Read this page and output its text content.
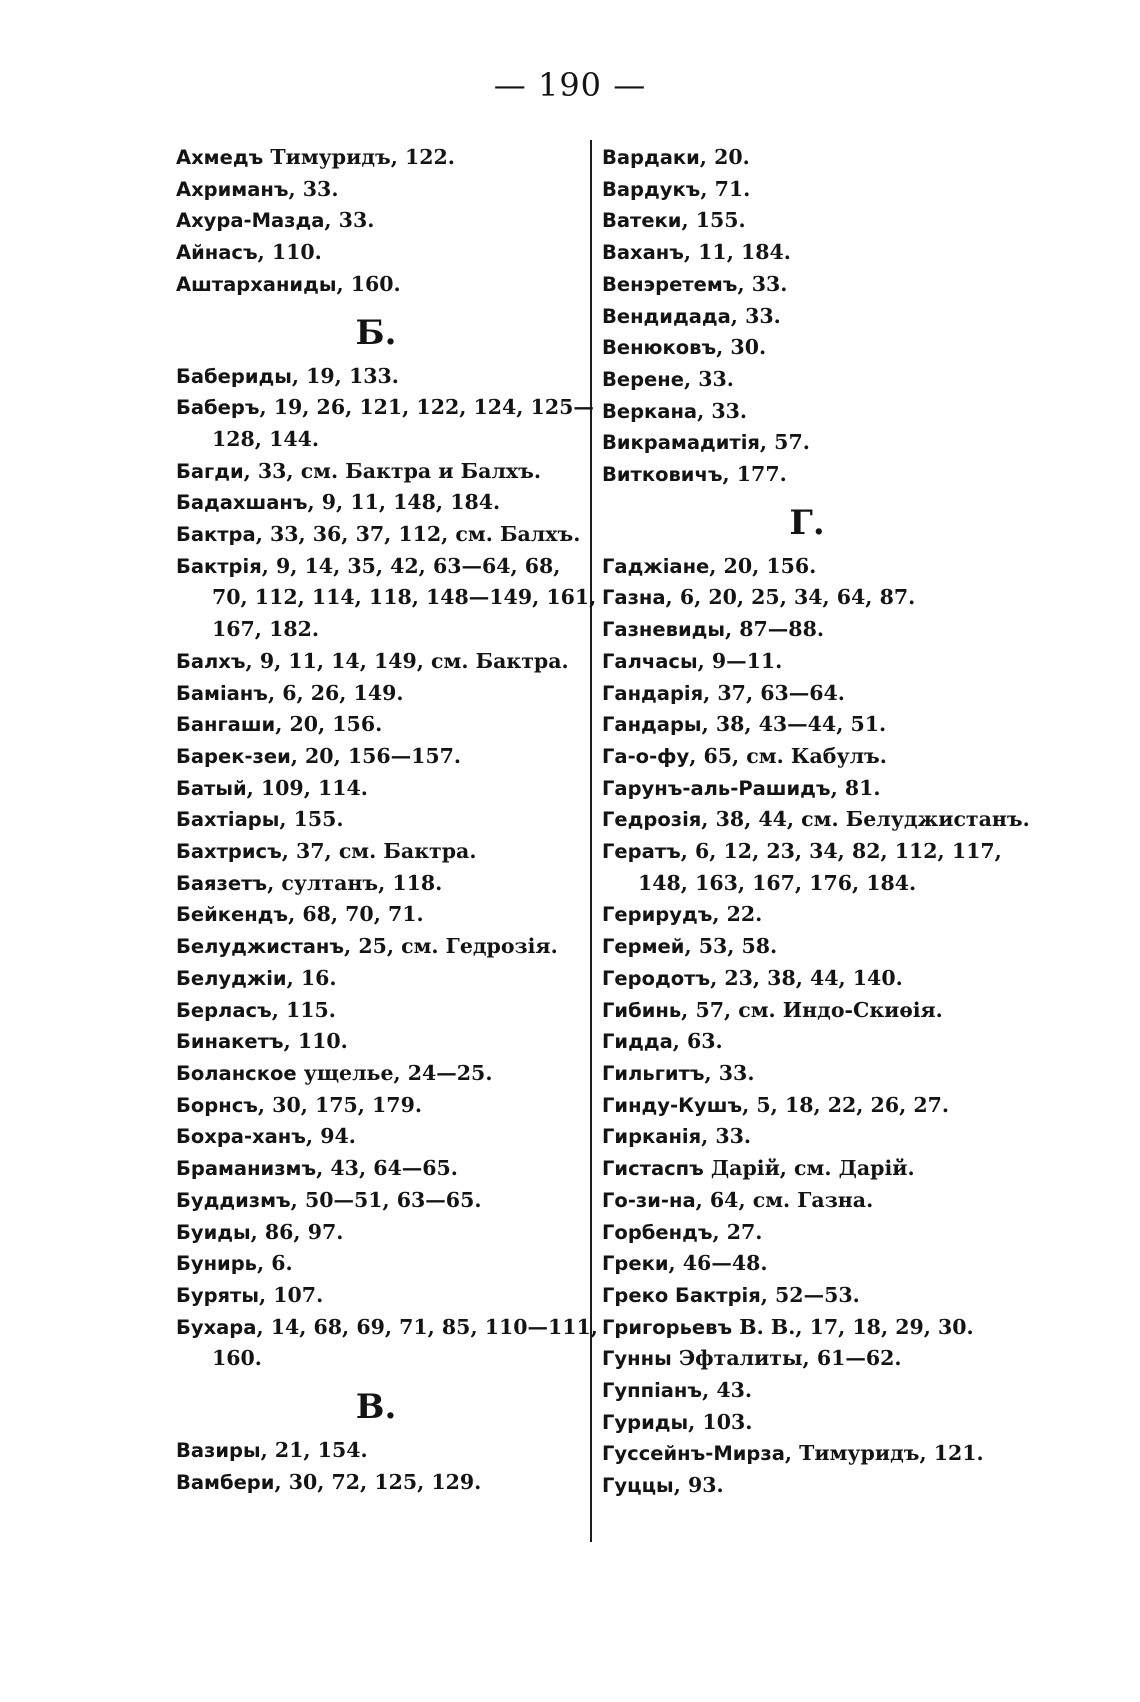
— 190 —
Ахмедъ Тимуридъ, 122.
Ахриманъ, 33.
Ахура-Мазда, 33.
Айнасъ, 110.
Аштарханиды, 160.
Б.
Бабериды, 19, 133.
Баберъ, 19, 26, 121, 122, 124, 125—
128, 144.
Багди, 33, см. Бактра и Балхъ.
Бадахшанъ, 9, 11, 148, 184.
Бактра, 33, 36, 37, 112, см. Балхъ.
Бактрія, 9, 14, 35, 42, 63—64, 68,
70, 112, 114, 118, 148—149, 161,
167, 182.
Балхъ, 9, 11, 14, 149, см. Бактра.
Баміанъ, 6, 26, 149.
Бангаши, 20, 156.
Барек-зеи, 20, 156—157.
Батый, 109, 114.
Бахтіары, 155.
Бахтрисъ, 37, см. Бактра.
Баязетъ, султанъ, 118.
Бейкендъ, 68, 70, 71.
Белуджистанъ, 25, см. Гедрозія.
Белуджіи, 16.
Берласъ, 115.
Бинакетъ, 110.
Боланское ущелье, 24—25.
Борнсъ, 30, 175, 179.
Бохра-ханъ, 94.
Браманизмъ, 43, 64—65.
Буддизмъ, 50—51, 63—65.
Буиды, 86, 97.
Бунирь, 6.
Буряты, 107.
Бухара, 14, 68, 69, 71, 85, 110—111,
160.
В.
Вазиры, 21, 154.
Вамбери, 30, 72, 125, 129.
Вардаки, 20.
Вардукъ, 71.
Ватеки, 155.
Ваханъ, 11, 184.
Венэретемъ, 33.
Вендидада, 33.
Венюковъ, 30.
Верене, 33.
Веркана, 33.
Викрамадитія, 57.
Витковичъ, 177.
Г.
Гаджіане, 20, 156.
Газна, 6, 20, 25, 34, 64, 87.
Газневиды, 87—88.
Галчасы, 9—11.
Гандарія, 37, 63—64.
Гандары, 38, 43—44, 51.
Га-о-фу, 65, см. Кабулъ.
Гарунъ-аль-Рашидъ, 81.
Гедрозія, 38, 44, см. Белуджистанъ.
Гератъ, 6, 12, 23, 34, 82, 112, 117,
148, 163, 167, 176, 184.
Герирудъ, 22.
Гермей, 53, 58.
Геродотъ, 23, 38, 44, 140.
Гибинь, 57, см. Индо-Скиѳія.
Гидда, 63.
Гильгитъ, 33.
Гинду-Кушъ, 5, 18, 22, 26, 27.
Гирканія, 33.
Гистаспъ Дарій, см. Дарій.
Го-зи-на, 64, см. Газна.
Горбендъ, 27.
Греки, 46—48.
Греко Бактрія, 52—53.
Григорьевъ В. В., 17, 18, 29, 30.
Гунны Эфталиты, 61—62.
Гуппіанъ, 43.
Гуриды, 103.
Гуссейнъ-Мирза, Тимуридъ, 121.
Гуццы, 93.
